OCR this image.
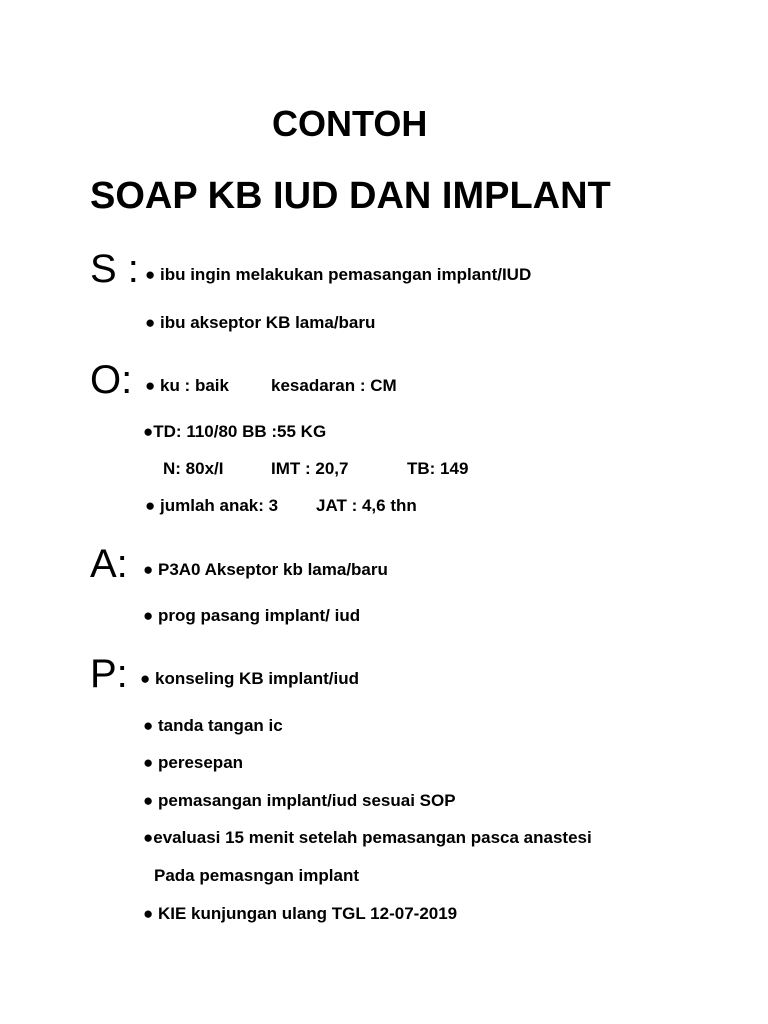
CONTOH
SOAP KB IUD DAN IMPLANT
S : ● ibu ingin melakukan pemasangan implant/IUD
● ibu akseptor KB lama/baru
O: ● ku : baik kesadaran : CM
●TD: 110/80 BB :55 KG
N: 80x/I	IMT : 20,7	TB: 149
● jumlah anak: 3 JAT : 4,6 thn
A: ● P3A0 Akseptor kb lama/baru
● prog pasang implant/ iud
P: ● konseling KB implant/iud
● tanda tangan ic
● peresepan
● pemasangan implant/iud sesuai SOP
●evaluasi 15 menit setelah pemasangan pasca anastesi
Pada pemasngan implant
● KIE kunjungan ulang TGL 12-07-2019
